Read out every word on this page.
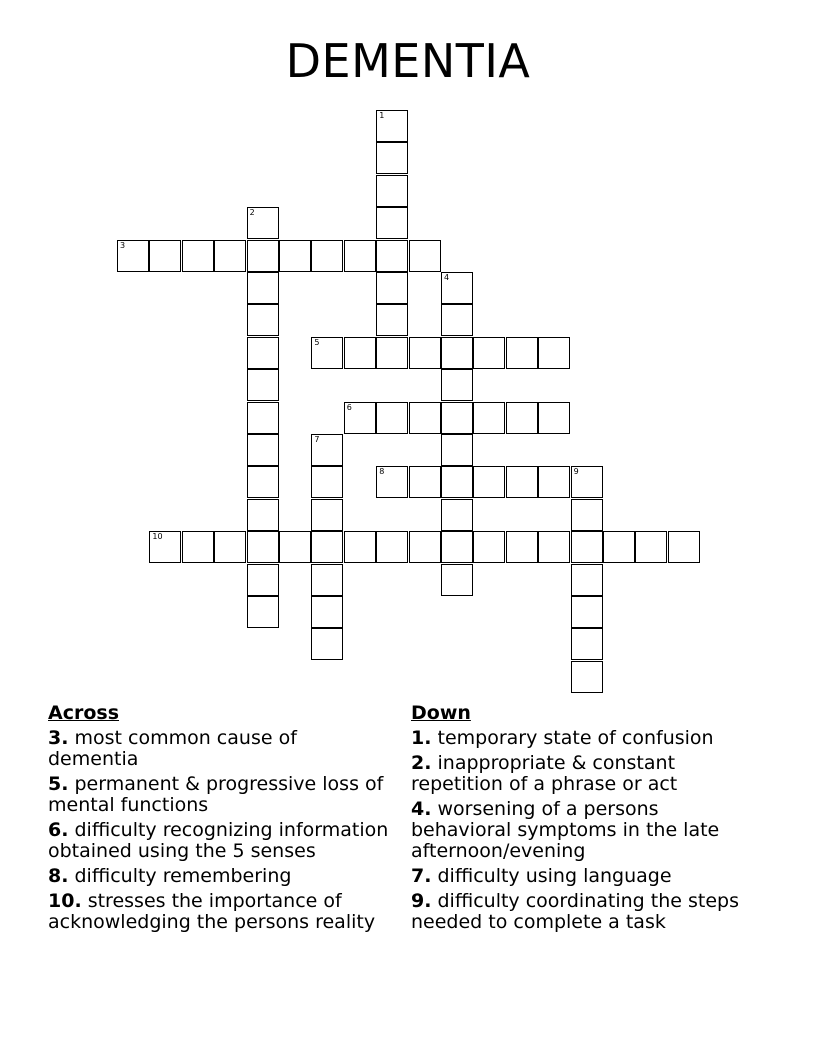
DEMENTIA
1
2
3
4
5
6
7
8	9
10
Across
3. most common cause of dementia
5. permanent & progressive loss of mental functions
6. difficulty recognizing information obtained using the 5 senses
8. difficulty remembering
10. stresses the importance of acknowledging the persons reality
Down
1. temporary state of confusion
2. inappropriate & constant repetition of a phrase or act
4. worsening of a persons behavioral symptoms in the late afternoon/evening
7. difficulty using language
9. difficulty coordinating the steps needed to complete a task
